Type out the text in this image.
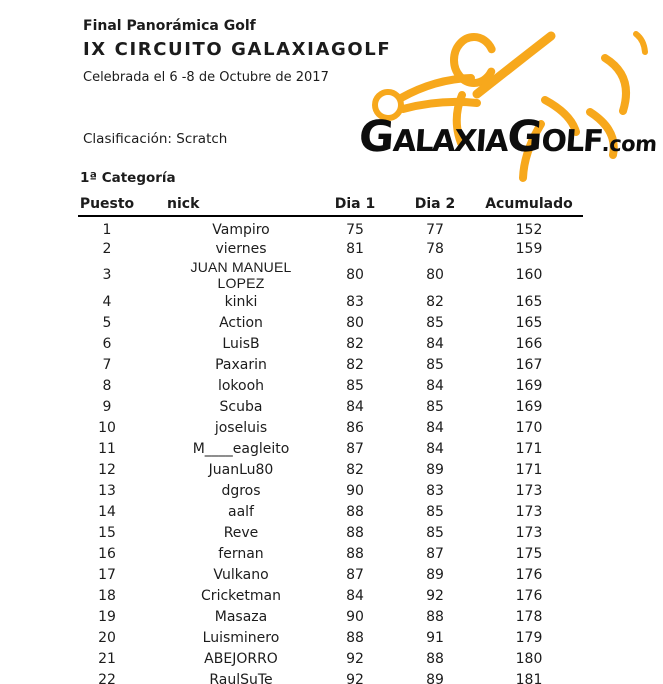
Final Panorámica Golf
IX CIRCUITO GALAXIAGOLF
Celebrada el 6 -8 de Octubre de 2017
Clasificación: Scratch
1ª Categoría
GALAXIAGOLF.com
Puesto	nick	Dia 1	Dia 2	Acumulado
1	Vampiro	75	77	152
2	viernes	81	78	159
3	JUAN MANUEL LOPEZ	80	80	160
4	kinki	83	82	165
5	Action	80	85	165
6	LuisB	82	84	166
7	Paxarin	82	85	167
8	lokooh	85	84	169
9	Scuba	84	85	169
10	joseluis	86	84	170
11	M____eagleito	87	84	171
12	JuanLu80	82	89	171
13	dgros	90	83	173
14	aalf	88	85	173
15	Reve	88	85	173
16	fernan	88	87	175
17	Vulkano	87	89	176
18	Cricketman	84	92	176
19	Masaza	90	88	178
20	Luisminero	88	91	179
21	ABEJORRO	92	88	180
22	RaulSuTe	92	89	181
